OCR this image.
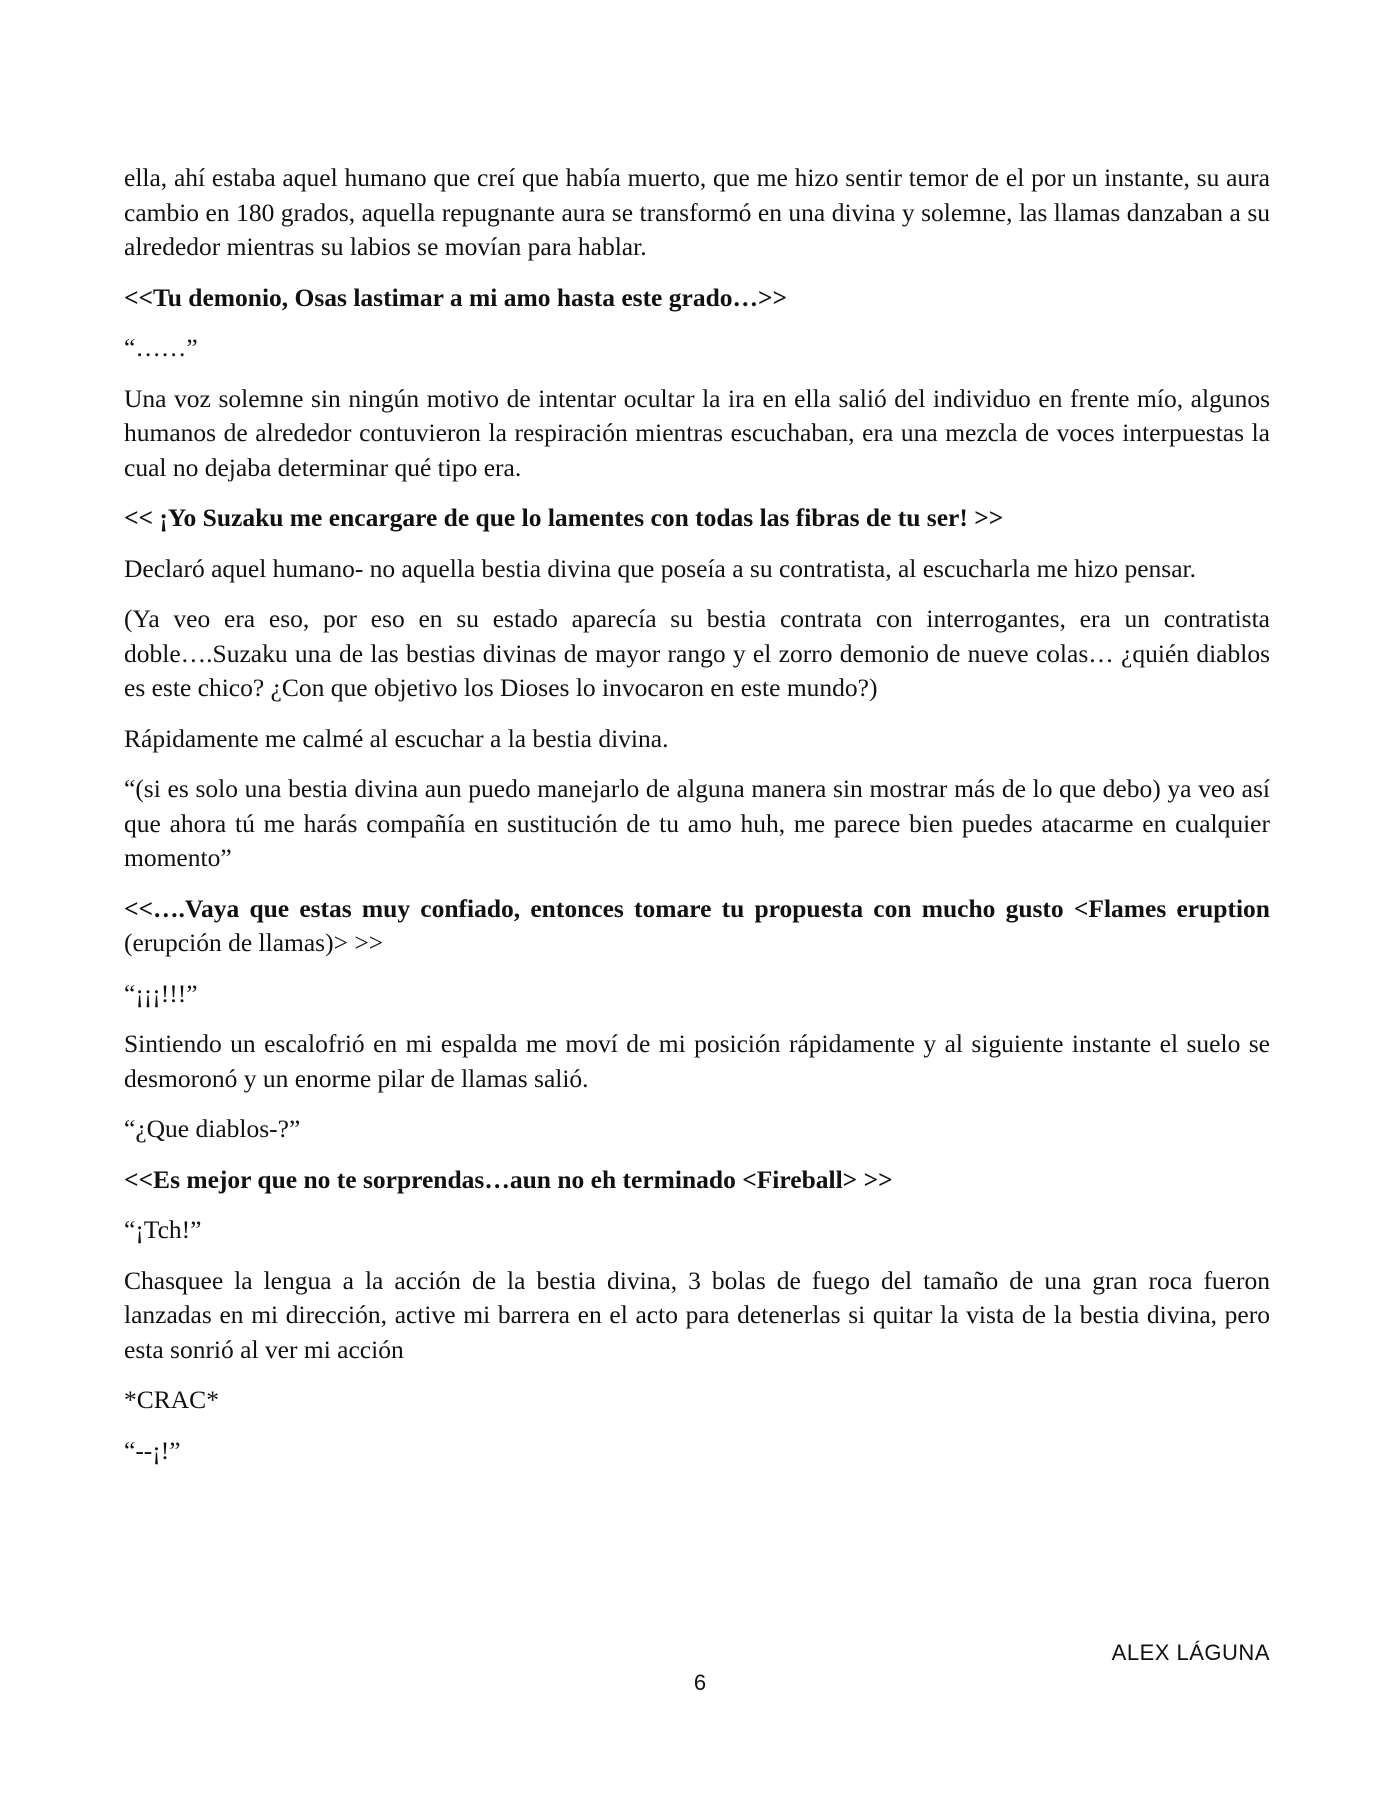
ella, ahí estaba aquel humano que creí que había muerto, que me hizo sentir temor de el por un instante, su aura cambio en 180 grados, aquella repugnante aura se transformó en una divina y solemne, las llamas danzaban a su alrededor mientras su labios se movían para hablar.

<<Tu demonio, Osas lastimar a mi amo hasta este grado…>>

“……”

Una voz solemne sin ningún motivo de intentar ocultar la ira en ella salió del individuo en frente mío, algunos humanos de alrededor contuvieron la respiración mientras escuchaban, era una mezcla de voces interpuestas la cual no dejaba determinar qué tipo era.

<< ¡Yo Suzaku me encargare de que lo lamentes con todas las fibras de tu ser! >>

Declaró aquel humano- no aquella bestia divina que poseía a su contratista, al escucharla me hizo pensar.

(Ya veo era eso, por eso en su estado aparecía su bestia contrata con interrogantes, era un contratista doble….Suzaku una de las bestias divinas de mayor rango y el zorro demonio de nueve colas… ¿quién diablos es este chico? ¿Con que objetivo los Dioses lo invocaron en este mundo?)

Rápidamente me calmé al escuchar a la bestia divina.

“(si es solo una bestia divina aun puedo manejarlo de alguna manera sin mostrar más de lo que debo) ya veo así que ahora tú me harás compañía en sustitución de tu amo huh, me parece bien puedes atacarme en cualquier momento”

<<….Vaya que estas muy confiado, entonces tomare tu propuesta con mucho gusto <Flames eruption (erupción de llamas)> >>

“¡¡¡!!!”

Sintiendo un escalofrió en mi espalda me moví de mi posición rápidamente y al siguiente instante el suelo se desmoronó y un enorme pilar de llamas salió.

“¿Que diablos-?”

<<Es mejor que no te sorprendas…aun no eh terminado <Fireball> >>

“¡Tch!”

Chasquee la lengua a la acción de la bestia divina, 3 bolas de fuego del tamaño de una gran roca fueron lanzadas en mi dirección, active mi barrera en el acto para detenerlas si quitar la vista de la bestia divina, pero esta sonrió al ver mi acción

*CRAC*

“--¡!”

ALEX LÁGUNA
6
